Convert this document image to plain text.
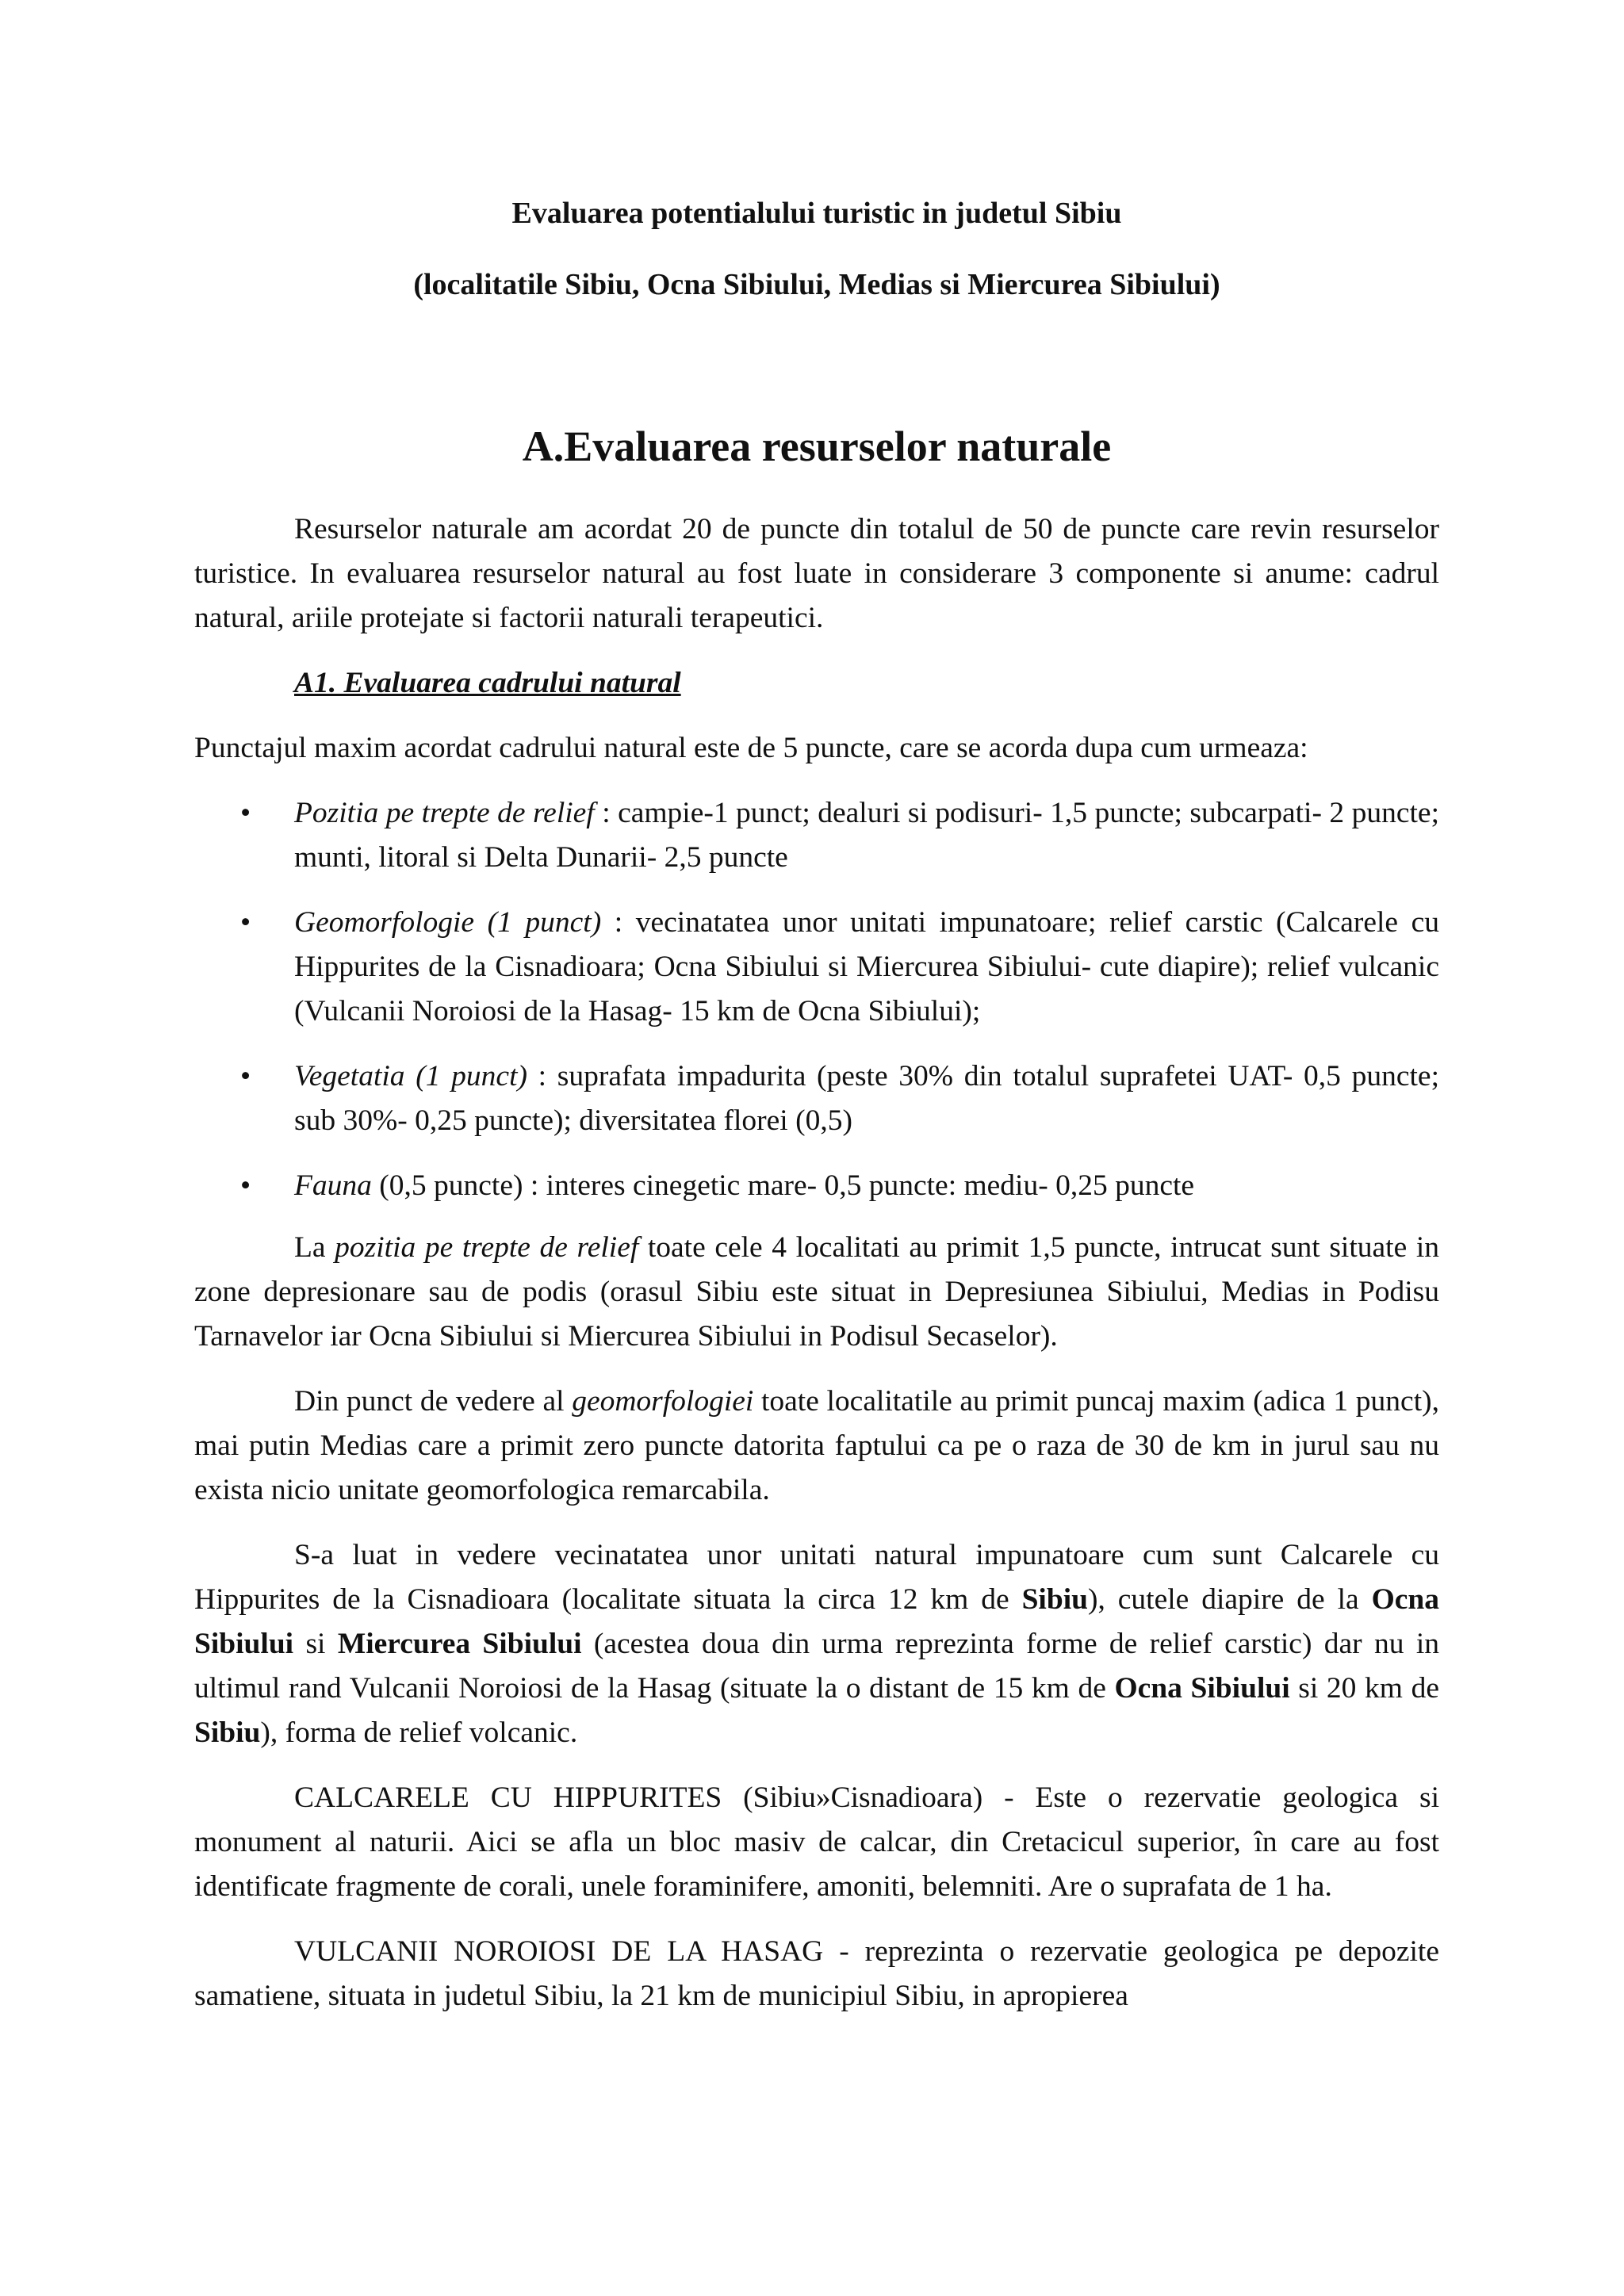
Evaluarea potentialului turistic in judetul Sibiu
(localitatile Sibiu, Ocna Sibiului, Medias si Miercurea Sibiului)
A.Evaluarea resurselor naturale

Resurselor naturale am acordat 20 de puncte din totalul de 50 de puncte care revin resurselor turistice. In evaluarea resurselor natural au fost luate in considerare 3 componente si anume: cadrul natural, ariile protejate si factorii naturali terapeutici.

A1. Evaluarea cadrului natural

Punctajul maxim acordat cadrului natural este de 5 puncte, care se acorda dupa cum urmeaza:

• Pozitia pe trepte de relief : campie-1 punct; dealuri si podisuri- 1,5 puncte; subcarpati- 2 puncte; munti, litoral si Delta Dunarii- 2,5 puncte
• Geomorfologie (1 punct) : vecinatatea unor unitati impunatoare; relief carstic (Calcarele cu Hippurites de la Cisnadioara; Ocna Sibiului si Miercurea Sibiului- cute diapire); relief vulcanic (Vulcanii Noroiosi de la Hasag- 15 km de Ocna Sibiului);
• Vegetatia (1 punct) : suprafata impadurita (peste 30% din totalul suprafetei UAT- 0,5 puncte; sub 30%- 0,25 puncte); diversitatea florei (0,5)
• Fauna (0,5 puncte) : interes cinegetic mare- 0,5 puncte: mediu- 0,25 puncte

La pozitia pe trepte de relief toate cele 4 localitati au primit 1,5 puncte, intrucat sunt situate in zone depresionare sau de podis (orasul Sibiu este situat in Depresiunea Sibiului, Medias in Podisu Tarnavelor iar Ocna Sibiului si Miercurea Sibiului in Podisul Secaselor).

Din punct de vedere al geomorfologiei toate localitatile au primit puncaj maxim (adica 1 punct), mai putin Medias care a primit zero puncte datorita faptului ca pe o raza de 30 de km in jurul sau nu exista nicio unitate geomorfologica remarcabila.

S-a luat in vedere vecinatatea unor unitati natural impunatoare cum sunt Calcarele cu Hippurites de la Cisnadioara (localitate situata la circa 12 km de Sibiu), cutele diapire de la Ocna Sibiului si Miercurea Sibiului (acestea doua din urma reprezinta forme de relief carstic) dar nu in ultimul rand Vulcanii Noroiosi de la Hasag (situate la o distant de 15 km de Ocna Sibiului si 20 km de Sibiu), forma de relief volcanic.

CALCARELE CU HIPPURITES (Sibiu»Cisnadioara) - Este o rezervatie geologica si monument al naturii. Aici se afla un bloc masiv de calcar, din Cretacicul superior, în care au fost identificate fragmente de corali, unele foraminifere, amoniti, belemniti. Are o suprafata de 1 ha.

VULCANII NOROIOSI DE LA HASAG - reprezinta o rezervatie geologica pe depozite samatiene, situata in judetul Sibiu, la 21 km de municipiul Sibiu, in apropierea
